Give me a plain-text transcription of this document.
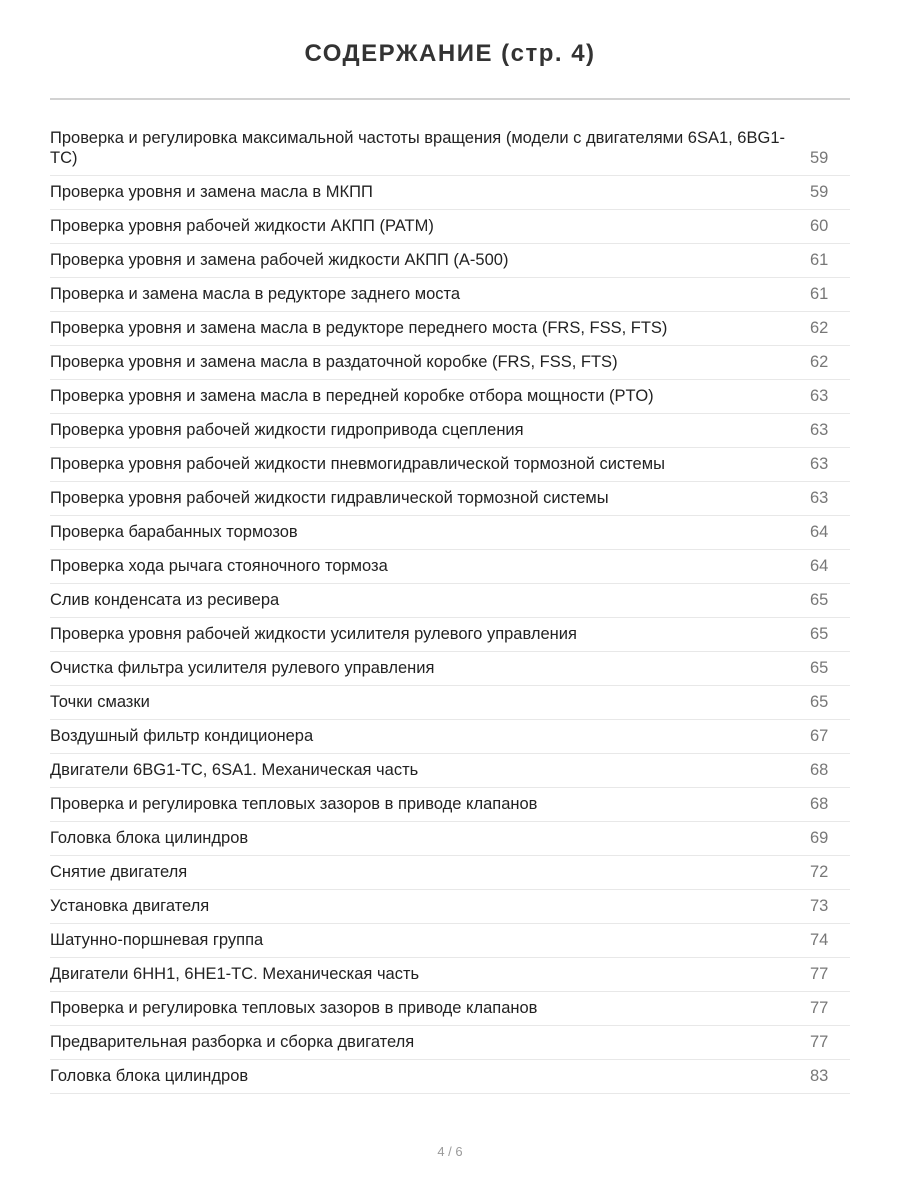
СОДЕРЖАНИЕ (стр. 4)
Проверка и регулировка максимальной частоты вращения (модели с двигателями 6SA1, 6BG1-TC)	59
Проверка уровня и замена масла в МКПП	59
Проверка уровня рабочей жидкости АКПП (PATM)	60
Проверка уровня и замена рабочей жидкости АКПП (A-500)	61
Проверка и замена масла в редукторе заднего моста	61
Проверка уровня и замена масла в редукторе переднего моста (FRS, FSS, FTS)	62
Проверка уровня и замена масла в раздаточной коробке (FRS, FSS, FTS)	62
Проверка уровня и замена масла в передней коробке отбора мощности (PTO)	63
Проверка уровня рабочей жидкости гидропривода сцепления	63
Проверка уровня рабочей жидкости пневмогидравлической тормозной системы	63
Проверка уровня рабочей жидкости гидравлической тормозной системы	63
Проверка барабанных тормозов	64
Проверка хода рычага стояночного тормоза	64
Слив конденсата из ресивера	65
Проверка уровня рабочей жидкости усилителя рулевого управления	65
Очистка фильтра усилителя рулевого управления	65
Точки смазки	65
Воздушный фильтр кондиционера	67
Двигатели 6BG1-TC, 6SA1. Механическая часть	68
Проверка и регулировка тепловых зазоров в приводе клапанов	68
Головка блока цилиндров	69
Снятие двигателя	72
Установка двигателя	73
Шатунно-поршневая группа	74
Двигатели 6HH1, 6HE1-TC. Механическая часть	77
Проверка и регулировка тепловых зазоров в приводе клапанов	77
Предварительная разборка и сборка двигателя	77
Головка блока цилиндров	83
4 / 6
